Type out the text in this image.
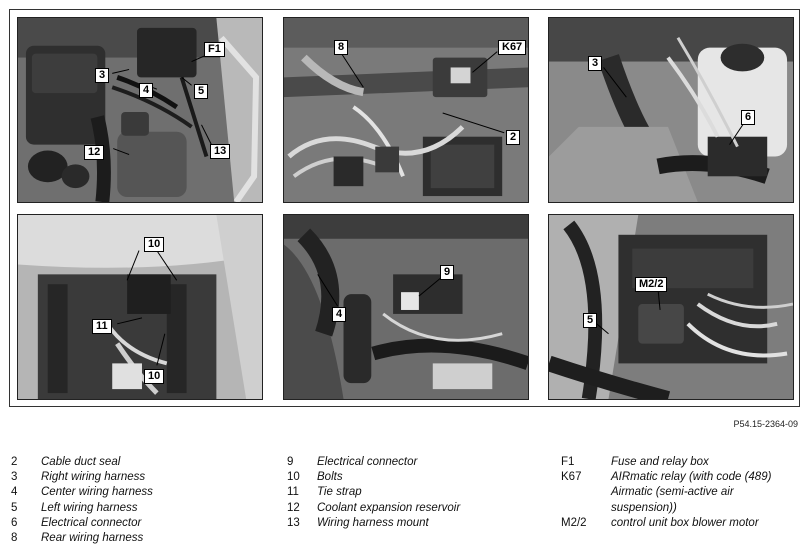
F1
3
4	5
12	13
8	K67
2
3
6
10
11
10
9
4
M2/2
5
P54.15-2364-09
2 Cable duct seal
3 Right wiring harness
4 Center wiring harness
5 Left wiring harness
6 Electrical connector
8 Rear wiring harness
9 Electrical connector
10 Bolts
11 Tie strap
12 Coolant expansion reservoir
13 Wiring harness mount
F1	Fuse and relay box
K67	AIRmatic relay (with code (489)
Airmatic (semi-active air
suspension))
M2/2 control unit box blower motor
